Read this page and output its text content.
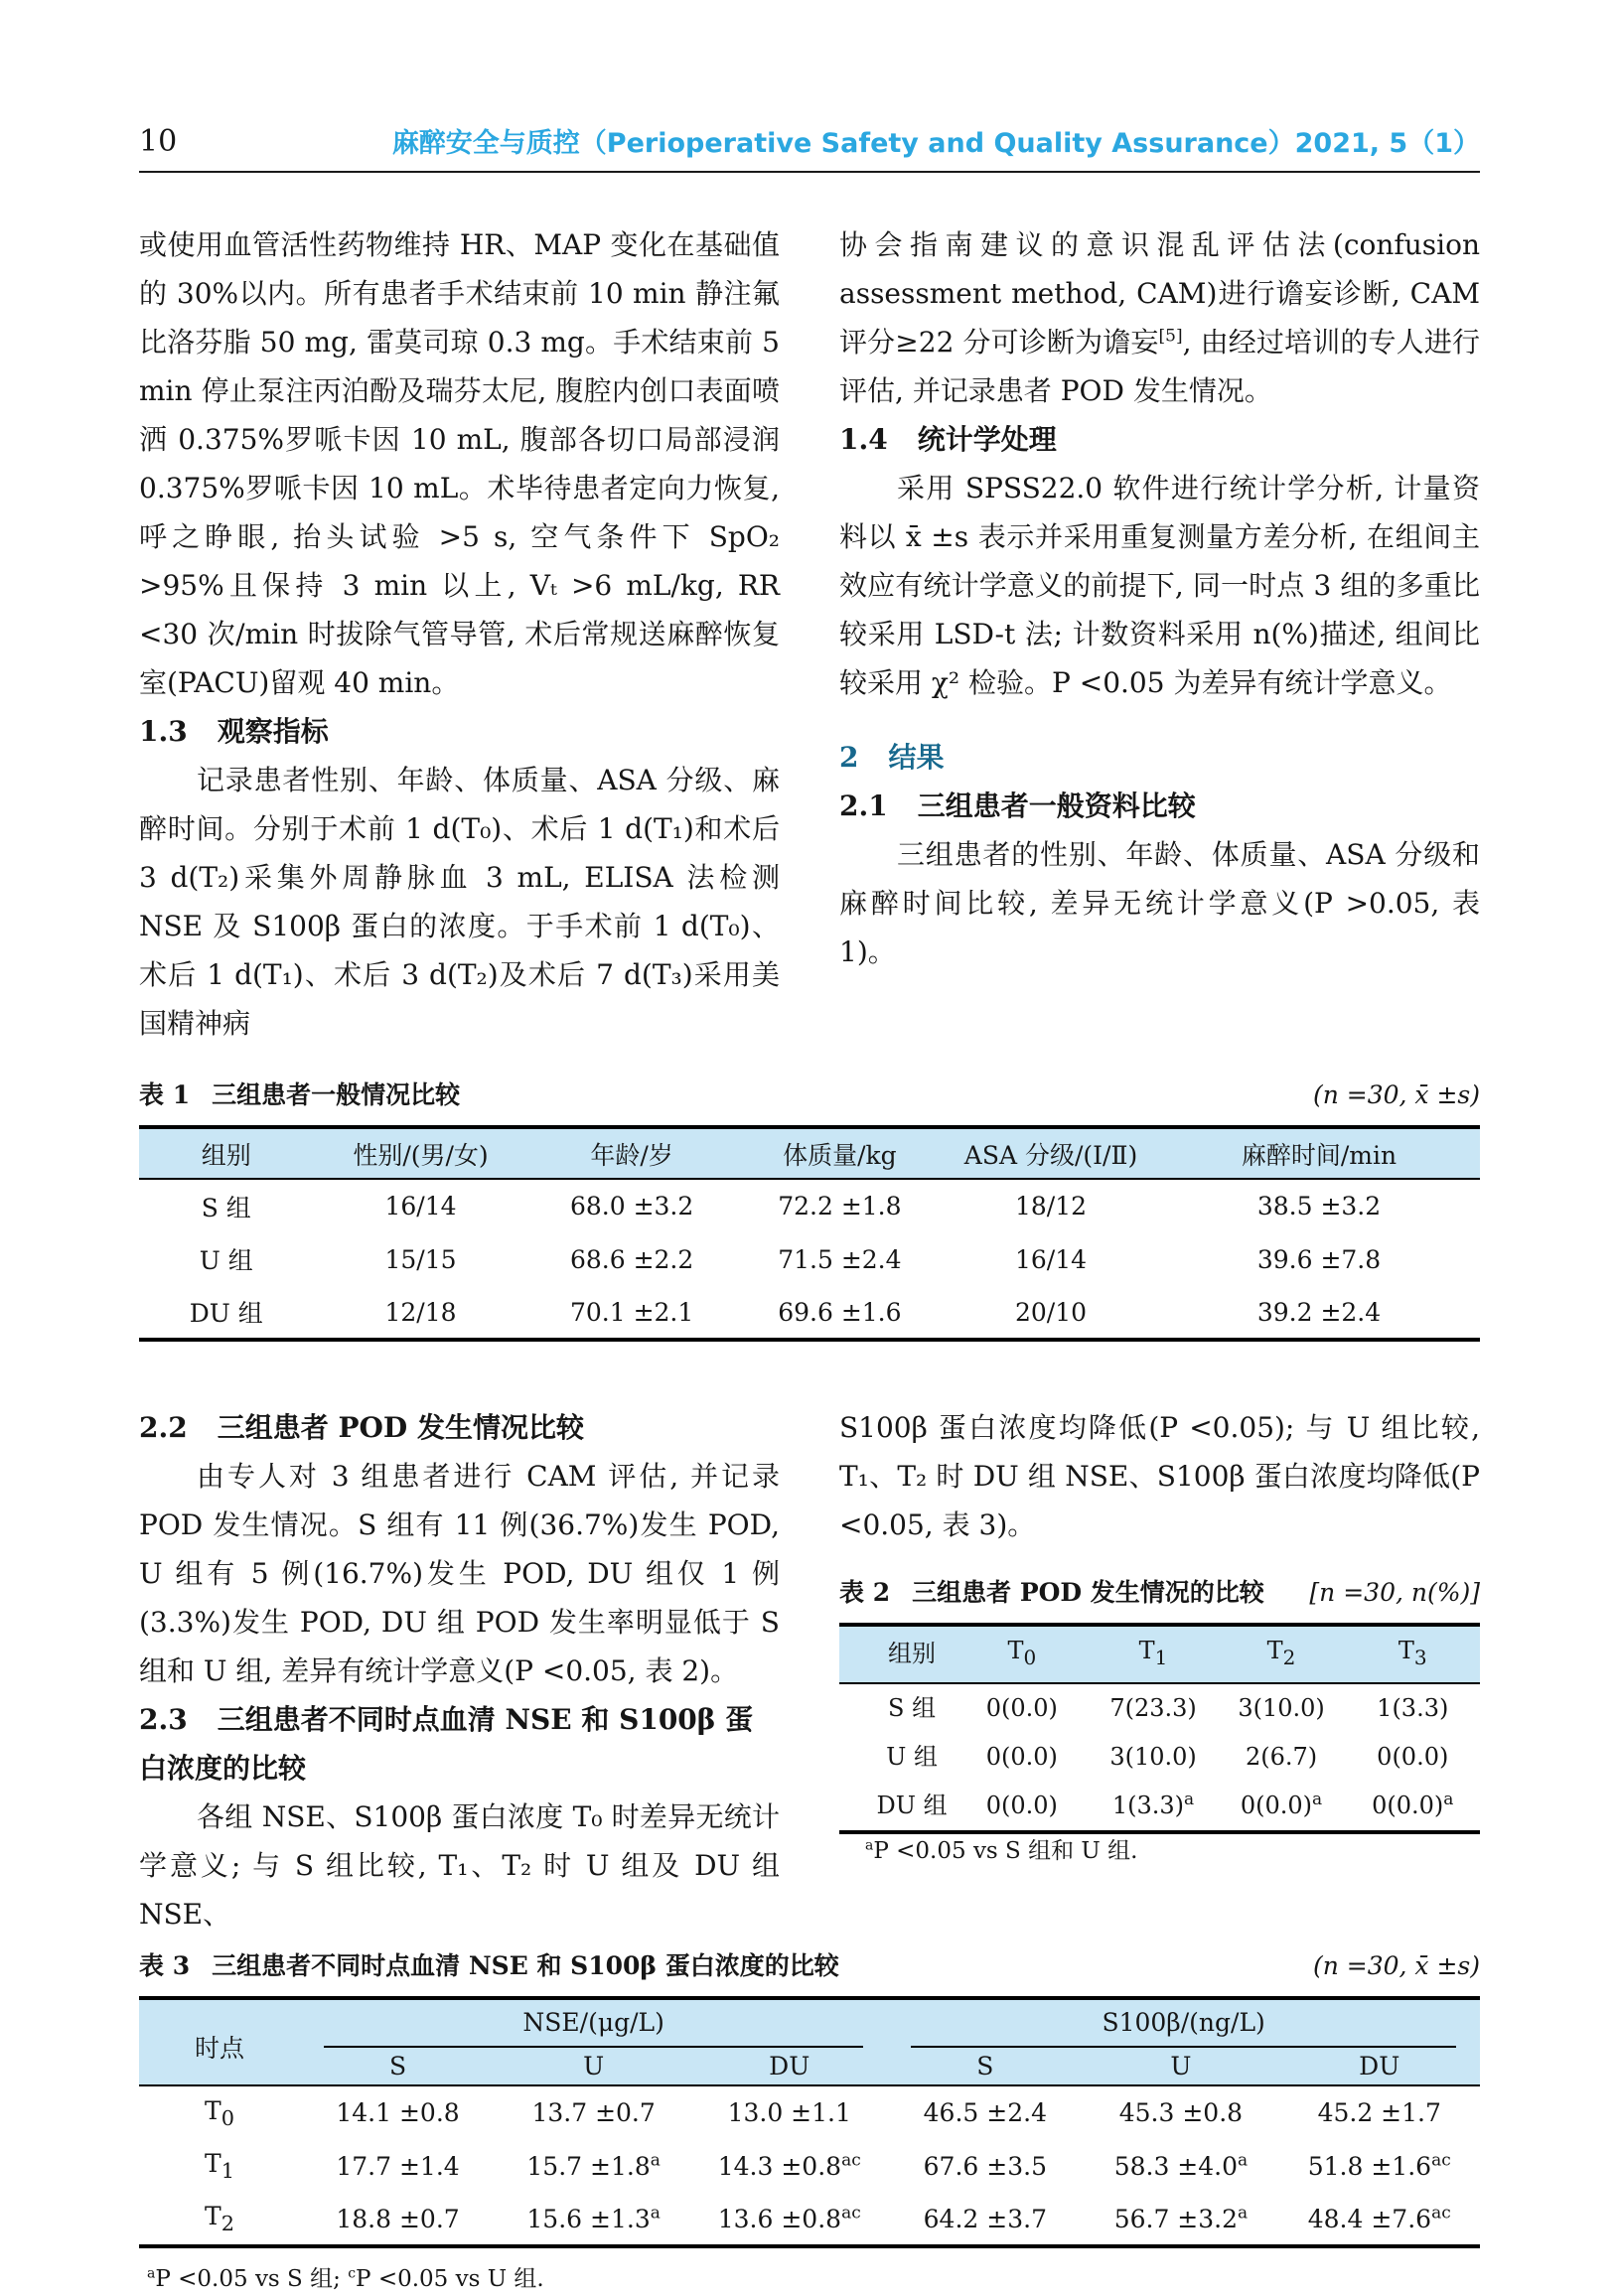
10	麻醉安全与质控（Perioperative Safety and Quality Assurance）2021, 5（1）

或使用血管活性药物维持 HR、MAP 变化在基础值的 30%以内。所有患者手术结束前 10 min 静注氟比洛芬脂 50 mg, 雷莫司琼 0.3 mg。手术结束前 5 min 停止泵注丙泊酚及瑞芬太尼, 腹腔内创口表面喷洒 0.375%罗哌卡因 10 mL, 腹部各切口局部浸润 0.375%罗哌卡因 10 mL。术毕待患者定向力恢复, 呼之睁眼, 抬头试验 >5 s, 空气条件下 SpO₂ >95%且保持 3 min 以上, Vₜ >6 mL/kg, RR <30 次/min 时拔除气管导管, 术后常规送麻醉恢复室(PACU)留观 40 min。

1.3 观察指标

记录患者性别、年龄、体质量、ASA 分级、麻醉时间。分别于术前 1 d(T₀)、术后 1 d(T₁)和术后 3 d(T₂)采集外周静脉血 3 mL, ELISA 法检测 NSE 及 S100β 蛋白的浓度。于手术前 1 d(T₀)、术后 1 d(T₁)、术后 3 d(T₂)及术后 7 d(T₃)采用美国精神病

协会指南建议的意识混乱评估法(confusion assessment method, CAM)进行谵妄诊断, CAM 评分≥22 分可诊断为谵妄[5], 由经过培训的专人进行评估, 并记录患者 POD 发生情况。

1.4 统计学处理

采用 SPSS22.0 软件进行统计学分析, 计量资料以 x̄ ±s 表示并采用重复测量方差分析, 在组间主效应有统计学意义的前提下, 同一时点 3 组的多重比较采用 LSD-t 法; 计数资料采用 n(%)描述, 组间比较采用 χ² 检验。P <0.05 为差异有统计学意义。

2 结果
2.1 三组患者一般资料比较

三组患者的性别、年龄、体质量、ASA 分级和麻醉时间比较, 差异无统计学意义(P >0.05, 表 1)。

表 1 三组患者一般情况比较	(n =30, x̄ ±s)
组别	性别/(男/女)	年龄/岁	体质量/kg	ASA 分级/(Ⅰ/Ⅱ)	麻醉时间/min
S 组	16/14	68.0 ±3.2	72.2 ±1.8	18/12	38.5 ±3.2
U 组	15/15	68.6 ±2.2	71.5 ±2.4	16/14	39.6 ±7.8
DU 组	12/18	70.1 ±2.1	69.6 ±1.6	20/10	39.2 ±2.4
2.2 三组患者 POD 发生情况比较

由专人对 3 组患者进行 CAM 评估, 并记录 POD 发生情况。S 组有 11 例(36.7%)发生 POD, U 组有 5 例(16.7%)发生 POD, DU 组仅 1 例(3.3%)发生 POD, DU 组 POD 发生率明显低于 S 组和 U 组, 差异有统计学意义(P <0.05, 表 2)。

2.3 三组患者不同时点血清 NSE 和 S100β 蛋白浓度的比较

各组 NSE、S100β 蛋白浓度 T₀ 时差异无统计学意义; 与 S 组比较, T₁、T₂ 时 U 组及 DU 组 NSE、

S100β 蛋白浓度均降低(P <0.05); 与 U 组比较, T₁、T₂ 时 DU 组 NSE、S100β 蛋白浓度均降低(P <0.05, 表 3)。

表 2 三组患者 POD 发生情况的比较 [n =30, n(%)]
组别	$T_0$	$T_1$	$T_2$	$T_3$
S 组	0(0.0)	7(23.3)	3(10.0)	1(3.3)
U 组	0(0.0)	3(10.0)	2(6.7)	0(0.0)
DU 组	0(0.0)	$1(3.3)^a$	$0(0.0)^a$	$0(0.0)^a$

$^a$P <0.05 vs S 组和 U 组.

表 3 三组患者不同时点血清 NSE 和 S100β 蛋白浓度的比较	(n =30, x̄ ±s)
时点	NSE/(μg/L)			S100β/(ng/L)		

	S	U	DU	S	U	DU
$T_0$	14.1 ±0.8	13.7 ±0.7	13.0 ±1.1	46.5 ±2.4	45.3 ±0.8	45.2 ±1.7
$T_1$	17.7 ±1.4	15.7 ±1.8$^a$	14.3 ±0.8$^{ac}$	67.6 ±3.5	58.3 ±4.0$^a$	51.8 ±1.6$^{ac}$
$T_2$	18.8 ±0.7	15.6 ±1.3$^a$	13.6 ±0.8$^{ac}$	64.2 ±3.7	56.7 ±3.2$^a$	48.4 ±7.6$^{ac}$

$^a$P <0.05 vs S 组; $^c$P <0.05 vs U 组.
